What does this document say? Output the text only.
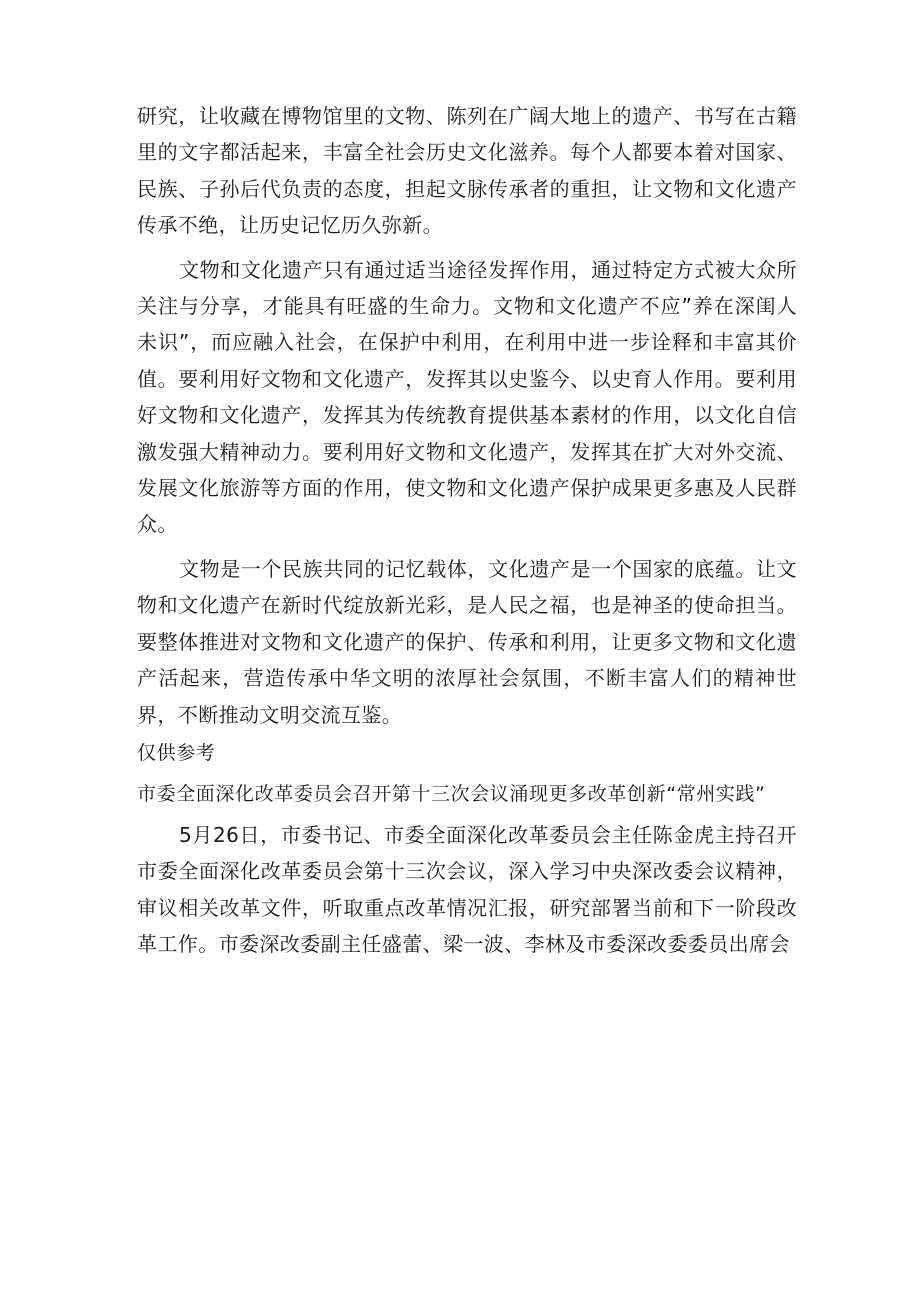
研究，让收藏在博物馆里的文物、陈列在广阔大地上的遗产、书写在古籍里的文字都活起来，丰富全社会历史文化滋养。每个人都要本着对国家、民族、子孙后代负责的态度，担起文脉传承者的重担，让文物和文化遗产传承不绝，让历史记忆历久弥新。

文物和文化遗产只有通过适当途径发挥作用，通过特定方式被大众所关注与分享，才能具有旺盛的生命力。文物和文化遗产不应”养在深闺人未识”，而应融入社会，在保护中利用，在利用中进一步诠释和丰富其价值。要利用好文物和文化遗产，发挥其以史鉴今、以史育人作用。要利用好文物和文化遗产，发挥其为传统教育提供基本素材的作用，以文化自信激发强大精神动力。要利用好文物和文化遗产，发挥其在扩大对外交流、发展文化旅游等方面的作用，使文物和文化遗产保护成果更多惠及人民群众。

文物是一个民族共同的记忆载体，文化遗产是一个国家的底蕴。让文物和文化遗产在新时代绽放新光彩，是人民之福，也是神圣的使命担当。要整体推进对文物和文化遗产的保护、传承和利用，让更多文物和文化遗产活起来，营造传承中华文明的浓厚社会氛围，不断丰富人们的精神世界，不断推动文明交流互鉴。

仅供参考

市委全面深化改革委员会召开第十三次会议涌现更多改革创新“常州实践”

5月26日，市委书记、市委全面深化改革委员会主任陈金虎主持召开市委全面深化改革委员会第十三次会议，深入学习中央深改委会议精神，审议相关改革文件，听取重点改革情况汇报，研究部署当前和下一阶段改革工作。市委深改委副主任盛蕾、梁一波、李林及市委深改委委员出席会
